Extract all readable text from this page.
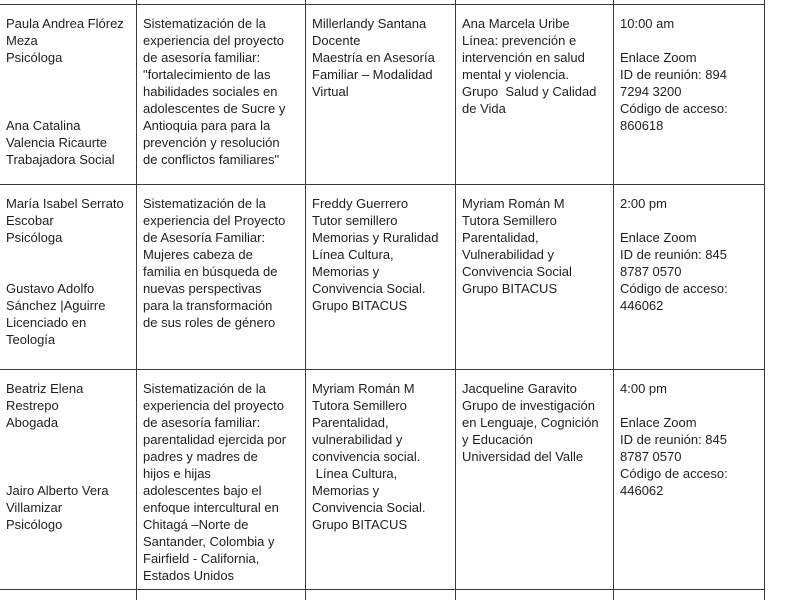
Paula Andrea Flórez
Meza
Psicóloga

Ana Catalina
Valencia Ricaurte
Trabajadora Social
Sistematización de la
experiencia del proyecto
de asesoría familiar:
"fortalecimiento de las
habilidades sociales en
adolescentes de Sucre y
Antioquia para para la
prevención y resolución
de conflictos familiares"
Millerlandy Santana
Docente
Maestría en Asesoría
Familiar – Modalidad
Virtual
Ana Marcela Uribe
Línea: prevención e
intervención en salud
mental y violencia.
Grupo  Salud y Calidad
de Vida
10:00 am

Enlace Zoom
ID de reunión: 894
7294 3200
Código de acceso:
860618
María Isabel Serrato
Escobar
Psicóloga

Gustavo Adolfo
Sánchez |Aguirre
Licenciado en
Teología
Sistematización de la
experiencia del Proyecto
de Asesoría Familiar:
Mujeres cabeza de
familia en búsqueda de
nuevas perspectivas
para la transformación
de sus roles de género
Freddy Guerrero
Tutor semillero
Memorias y Ruralidad
Línea Cultura,
Memorias y
Convivencia Social.
Grupo BITACUS
Myriam Román M
Tutora Semillero
Parentalidad,
Vulnerabilidad y
Convivencia Social
Grupo BITACUS
2:00 pm

Enlace Zoom
ID de reunión: 845
8787 0570
Código de acceso:
446062
Beatriz Elena
Restrepo
Abogada

Jairo Alberto Vera
Villamizar
Psicólogo
Sistematización de la
experiencia del proyecto
de asesoría familiar:
parentalidad ejercida por
padres y madres de
hijos e hijas
adolescentes bajo el
enfoque intercultural en
Chitagá –Norte de
Santander, Colombia y
Fairfield - California,
Estados Unidos
Myriam Román M
Tutora Semillero
Parentalidad,
vulnerabilidad y
convivencia social.
Línea Cultura,
Memorias y
Convivencia Social.
Grupo BITACUS
Jacqueline Garavito
Grupo de investigación
en Lenguaje, Cognición
y Educación
Universidad del Valle
4:00 pm

Enlace Zoom
ID de reunión: 845
8787 0570
Código de acceso:
446062
